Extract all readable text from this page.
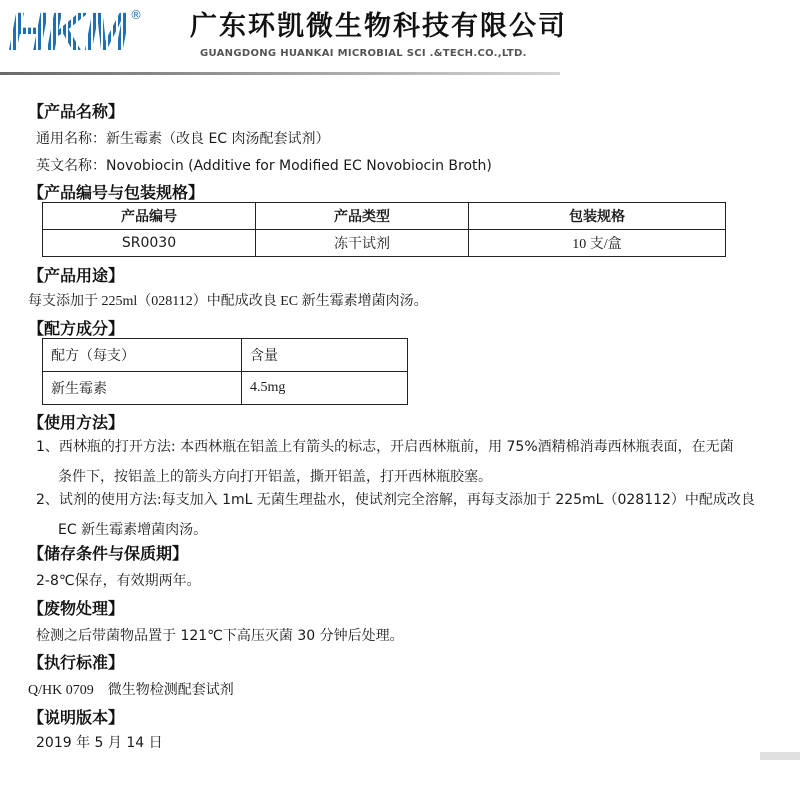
HKM ® 广东环凯微生物科技有限公司
GUANGDONG HUANKAI MICROBIAL SCI .&TECH.CO.,LTD.
【产品名称】
通用名称：新生霉素（改良 EC 肉汤配套试剂）
英文名称：Novobiocin (Additive for Modified EC Novobiocin Broth)
【产品编号与包装规格】
产品编号	产品类型	包装规格
SR0030	冻干试剂	10 支/盒
【产品用途】
每支添加于 225ml（028112）中配成改良 EC 新生霉素增菌肉汤。
【配方成分】
配方（每支）	含量
新生霉素	4.5mg
【使用方法】
1、西林瓶的打开方法: 本西林瓶在铝盖上有箭头的标志，开启西林瓶前，用 75%酒精棉消毒西林瓶表面，在无菌
条件下，按铝盖上的箭头方向打开铝盖，撕开铝盖，打开西林瓶胶塞。
2、试剂的使用方法:每支加入 1mL 无菌生理盐水，使试剂完全溶解，再每支添加于 225mL（028112）中配成改良
EC 新生霉素增菌肉汤。
【储存条件与保质期】
2-8℃保存，有效期两年。
【废物处理】
检测之后带菌物品置于 121℃下高压灭菌 30 分钟后处理。
【执行标准】
Q/HK 0709    微生物检测配套试剂
【说明版本】
2019 年 5 月 14 日
